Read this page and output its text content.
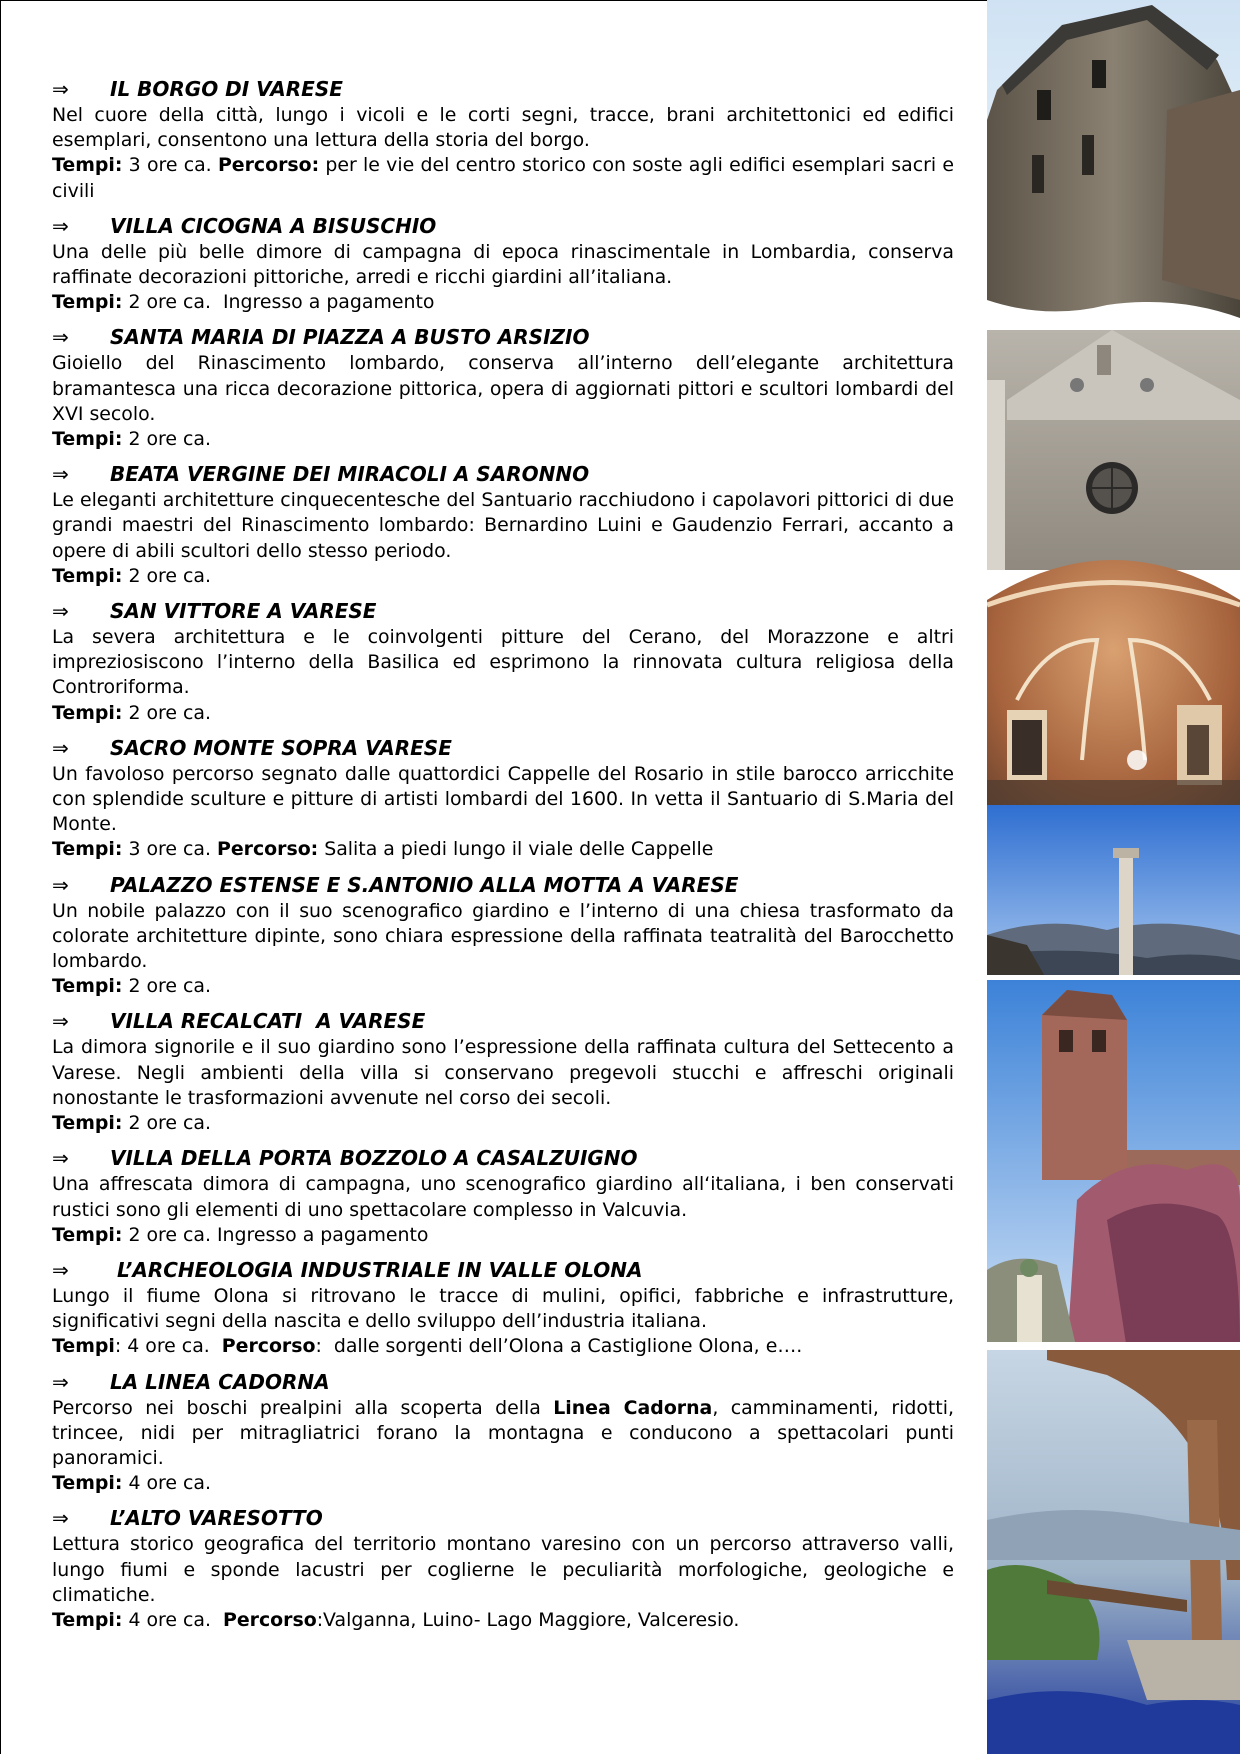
⇒	IL BORGO DI VARESE

Nel cuore della città, lungo i vicoli e le corti segni, tracce, brani architettonici ed edifici esemplari, consentono una lettura della storia del borgo.

Tempi: 3 ore ca. Percorso: per le vie del centro storico con soste agli edifici esemplari sacri e civili

⇒	VILLA CICOGNA A BISUSCHIO

Una delle più belle dimore di campagna di epoca rinascimentale in Lombardia, conserva raffinate decorazioni pittoriche, arredi e ricchi giardini all’italiana.

Tempi: 2 ore ca.  Ingresso a pagamento

⇒	SANTA MARIA DI PIAZZA A BUSTO ARSIZIO

Gioiello del Rinascimento lombardo, conserva all’interno dell’elegante architettura bramantesca una ricca decorazione pittorica, opera di aggiornati pittori e scultori lombardi del XVI secolo.

Tempi: 2 ore ca.

⇒	BEATA VERGINE DEI MIRACOLI A SARONNO

Le eleganti architetture cinquecentesche del Santuario racchiudono i capolavori pittorici di due grandi maestri del Rinascimento lombardo: Bernardino Luini e Gaudenzio Ferrari, accanto a opere di abili scultori dello stesso periodo.

Tempi: 2 ore ca.

⇒	SAN VITTORE A VARESE

La severa architettura e le coinvolgenti pitture del Cerano, del Morazzone e altri impreziosiscono l’interno della Basilica ed esprimono la rinnovata cultura religiosa della Controriforma.

Tempi: 2 ore ca.

⇒	SACRO MONTE SOPRA VARESE

Un favoloso percorso segnato dalle quattordici Cappelle del Rosario in stile barocco arricchite con splendide sculture e pitture di artisti lombardi del 1600. In vetta il Santuario di S.Maria del Monte.

Tempi: 3 ore ca. Percorso: Salita a piedi lungo il viale delle Cappelle

⇒	PALAZZO ESTENSE E S.ANTONIO ALLA MOTTA A VARESE

Un nobile palazzo con il suo scenografico giardino e l’interno di una chiesa trasformato da colorate architetture dipinte, sono chiara espressione della raffinata teatralità del Barocchetto lombardo.

Tempi: 2 ore ca.

⇒	VILLA RECALCATI  A VARESE

La dimora signorile e il suo giardino sono l’espressione della raffinata cultura del Settecento a Varese. Negli ambienti della villa si conservano pregevoli stucchi e affreschi originali nonostante le trasformazioni avvenute nel corso dei secoli.

Tempi: 2 ore ca.

⇒	VILLA DELLA PORTA BOZZOLO A CASALZUIGNO

Una affrescata dimora di campagna, uno scenografico giardino all‘italiana, i ben conservati rustici sono gli elementi di uno spettacolare complesso in Valcuvia.

Tempi: 2 ore ca. Ingresso a pagamento

⇒	L’ARCHEOLOGIA INDUSTRIALE IN VALLE OLONA

Lungo il fiume Olona si ritrovano le tracce di mulini, opifici, fabbriche e infrastrutture, significativi segni della nascita e dello sviluppo dell’industria italiana.

Tempi: 4 ore ca.  Percorso:  dalle sorgenti dell’Olona a Castiglione Olona, e….

⇒	LA LINEA CADORNA

Percorso nei boschi prealpini alla scoperta della Linea Cadorna, camminamenti, ridotti, trincee, nidi per mitragliatrici forano la montagna e conducono a spettacolari punti panoramici.

Tempi: 4 ore ca.

⇒	L’ALTO VARESOTTO

Lettura storico geografica del territorio montano varesino con un percorso attraverso valli, lungo fiumi e sponde lacustri per coglierne le peculiarità morfologiche, geologiche e climatiche.

Tempi: 4 ore ca.  Percorso:Valganna, Luino- Lago Maggiore, Valceresio.
